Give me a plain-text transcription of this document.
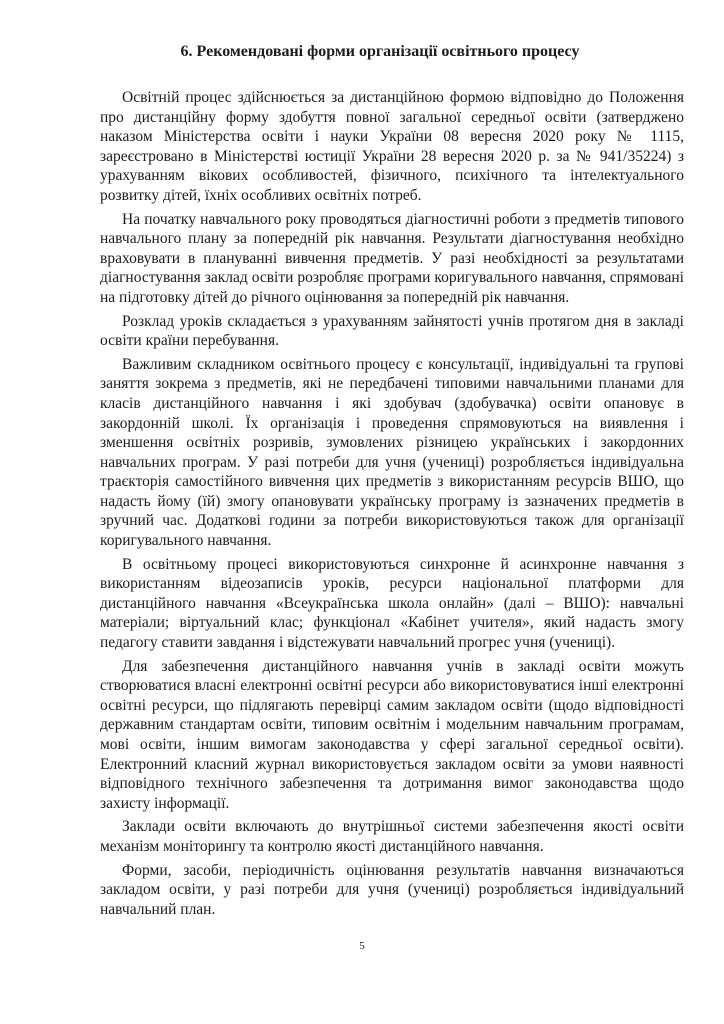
6. Рекомендовані форми організації освітнього процесу

Освітній процес здійснюється за дистанційною формою відповідно до Положення про дистанційну форму здобуття повної загальної середньої освіти (затверджено наказом Міністерства освіти і науки України 08 вересня 2020 року № 1115, зареєстровано в Міністерстві юстиції України 28 вересня 2020 р. за № 941/35224) з урахуванням вікових особливостей, фізичного, психічного та інтелектуального розвитку дітей, їхніх особливих освітніх потреб.

На початку навчального року проводяться діагностичні роботи з предметів типового навчального плану за попередній рік навчання. Результати діагностування необхідно враховувати в плануванні вивчення предметів. У разі необхідності за результатами діагностування заклад освіти розробляє програми коригувального навчання, спрямовані на підготовку дітей до річного оцінювання за попередній рік навчання.

Розклад уроків складається з урахуванням зайнятості учнів протягом дня в закладі освіти країни перебування.

Важливим складником освітнього процесу є консультації, індивідуальні та групові заняття зокрема з предметів, які не передбачені типовими навчальними планами для класів дистанційного навчання і які здобувач (здобувачка) освіти опановує в закордонній школі. Їх організація і проведення спрямовуються на виявлення і зменшення освітніх розривів, зумовлених різницею українських і закордонних навчальних програм. У разі потреби для учня (учениці) розробляється індивідуальна траєкторія самостійного вивчення цих предметів з використанням ресурсів ВШО, що надасть йому (їй) змогу опановувати українську програму із зазначених предметів в зручний час. Додаткові години за потреби використовуються також для організації коригувального навчання.

В освітньому процесі використовуються синхронне й асинхронне навчання з використанням відеозаписів уроків, ресурси національної платформи для дистанційного навчання «Всеукраїнська школа онлайн» (далі – ВШО): навчальні матеріали; віртуальний клас; функціонал «Кабінет учителя», який надасть змогу педагогу ставити завдання і відстежувати навчальний прогрес учня (учениці).

Для забезпечення дистанційного навчання учнів в закладі освіти можуть створюватися власні електронні освітні ресурси або використовуватися інші електронні освітні ресурси, що підлягають перевірці самим закладом освіти (щодо відповідності державним стандартам освіти, типовим освітнім і модельним навчальним програмам, мові освіти, іншим вимогам законодавства у сфері загальної середньої освіти). Електронний класний журнал використовується закладом освіти за умови наявності відповідного технічного забезпечення та дотримання вимог законодавства щодо захисту інформації.

Заклади освіти включають до внутрішньої системи забезпечення якості освіти механізм моніторингу та контролю якості дистанційного навчання.

Форми, засоби, періодичність оцінювання результатів навчання визначаються закладом освіти, у разі потреби для учня (учениці) розробляється індивідуальний навчальний план.

5
